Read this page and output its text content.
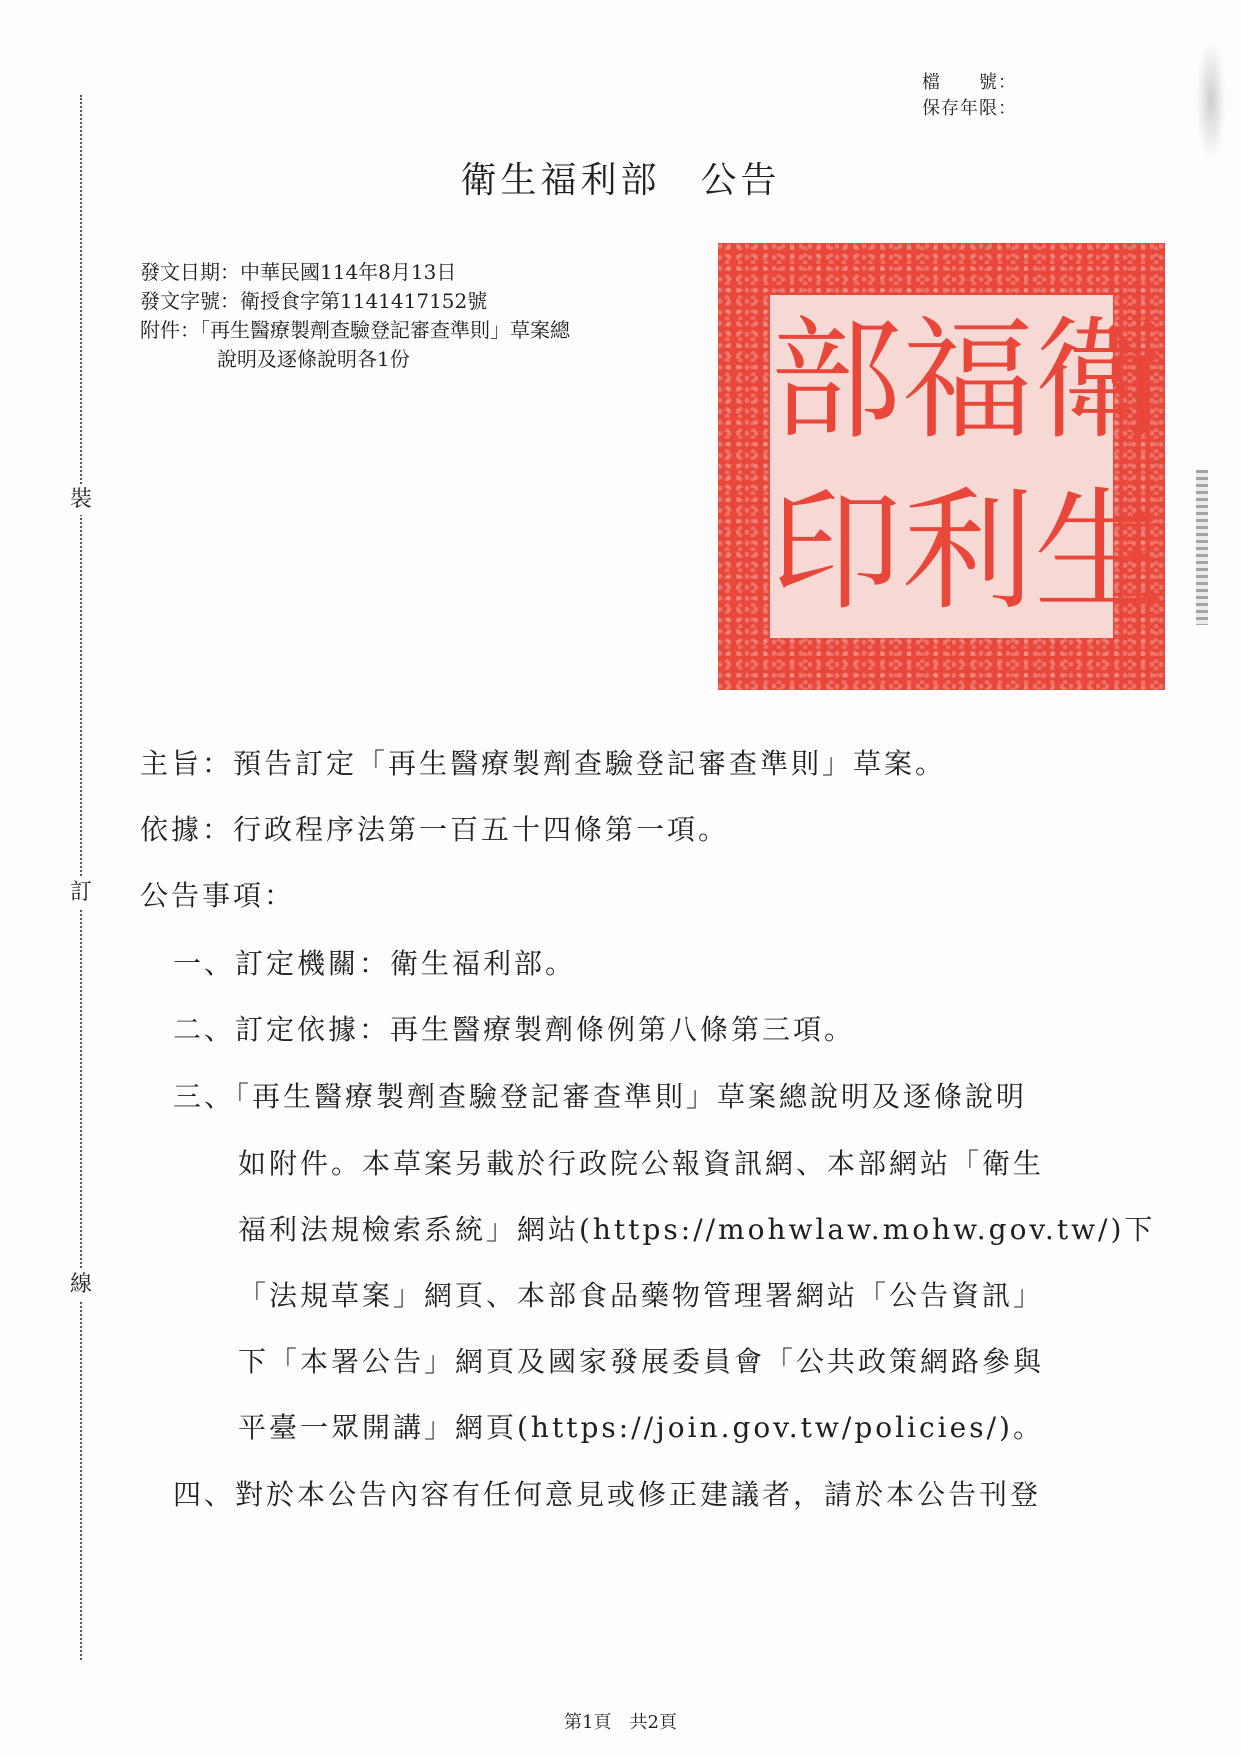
裝
訂
線
檔　　號：
保存年限：
衛生福利部　公告
發文日期：中華民國114年8月13日
發文字號：衛授食字第1141417152號
附件：「再生醫療製劑查驗登記審查準則」草案總
說明及逐條說明各1份	部 福 衛
印 利 生
主旨：預告訂定「再生醫療製劑查驗登記審查準則」草案。
依據：行政程序法第一百五十四條第一項。
公告事項：
一、訂定機關：衛生福利部。
二、訂定依據：再生醫療製劑條例第八條第三項。
三、「再生醫療製劑查驗登記審查準則」草案總說明及逐條說明
如附件。本草案另載於行政院公報資訊網、本部網站「衛生
福利法規檢索系統」網站(https://mohwlaw.mohw.gov.tw/)下
「法規草案」網頁、本部食品藥物管理署網站「公告資訊」
下「本署公告」網頁及國家發展委員會「公共政策網路參與
平臺一眾開講」網頁(https://join.gov.tw/policies/)。
四、對於本公告內容有任何意見或修正建議者，請於本公告刊登
第1頁　共2頁
